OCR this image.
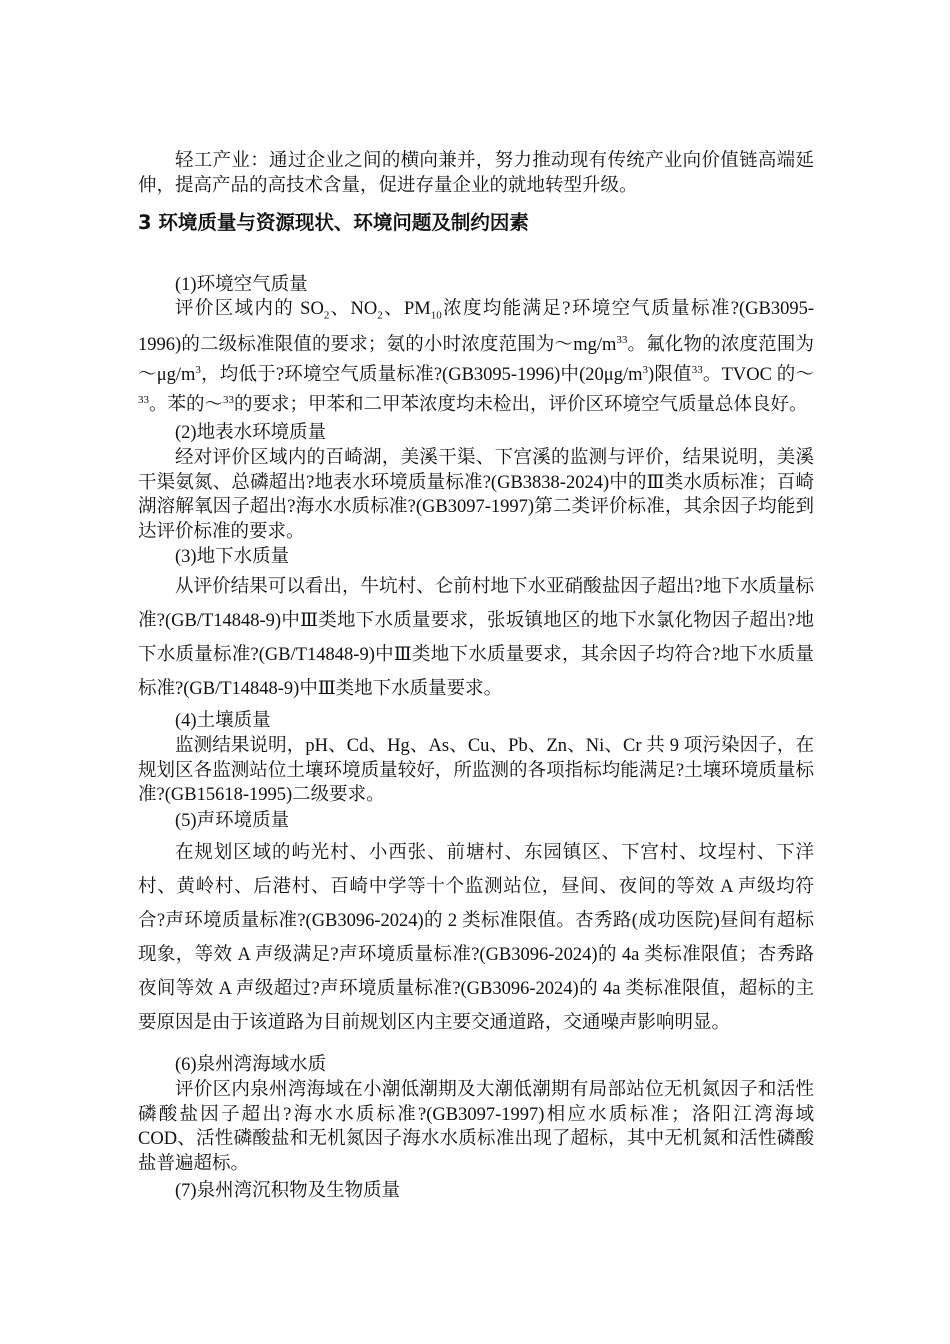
轻工产业：通过企业之间的横向兼并，努力推动现有传统产业向价值链高端延伸，提高产品的高技术含量，促进存量企业的就地转型升级。

3 环境质量与资源现状、环境问题及制约因素
(1)环境空气质量

评价区域内的 $SO_2$、$NO_2$、$PM_{10}$浓度均能满足?环境空气质量标准?(GB3095-1996)的二级标准限值的要求；氨的小时浓度范围为$\sim mg/m^{33}$。氟化物的浓度范围为$\sim\mu g/m^3$，均低于?环境空气质量标准?(GB3095-1996)中$(20\mu g/m^3)$限值$^{33}$。TVOC 的～$^{33}$。苯的～$^{33}$的要求；甲苯和二甲苯浓度均未检出，评价区环境空气质量总体良好。

(2)地表水环境质量

经对评价区域内的百崎湖，美溪干渠、下宫溪的监测与评价，结果说明，美溪干渠氨氮、总磷超出?地表水环境质量标准?(GB3838-2024)中的Ⅲ类水质标准；百崎湖溶解氧因子超出?海水水质标准?(GB3097-1997)第二类评价标准，其余因子均能到达评价标准的要求。

(3)地下水质量

从评价结果可以看出，牛坑村、仑前村地下水亚硝酸盐因子超出?地下水质量标准?(GB/T14848-9)中Ⅲ类地下水质量要求，张坂镇地区的地下水氯化物因子超出?地下水质量标准?(GB/T14848-9)中Ⅲ类地下水质量要求，其余因子均符合?地下水质量标准?(GB/T14848-9)中Ⅲ类地下水质量要求。

(4)土壤质量

监测结果说明，pH、Cd、Hg、As、Cu、Pb、Zn、Ni、Cr 共 9 项污染因子，在规划区各监测站位土壤环境质量较好，所监测的各项指标均能满足?土壤环境质量标准?(GB15618-1995)二级要求。

(5)声环境质量

在规划区域的屿光村、小西张、前塘村、东园镇区、下宫村、坟埕村、下洋村、黄岭村、后港村、百崎中学等十个监测站位，昼间、夜间的等效 A 声级均符合?声环境质量标准?(GB3096-2024)的 2 类标准限值。杏秀路(成功医院)昼间有超标现象，等效 A 声级满足?声环境质量标准?(GB3096-2024)的 4a 类标准限值；杏秀路夜间等效 A 声级超过?声环境质量标准?(GB3096-2024)的 4a 类标准限值，超标的主要原因是由于该道路为目前规划区内主要交通道路，交通噪声影响明显。

(6)泉州湾海域水质

评价区内泉州湾海域在小潮低潮期及大潮低潮期有局部站位无机氮因子和活性磷酸盐因子超出?海水水质标准?(GB3097-1997)相应水质标准；洛阳江湾海域 COD、活性磷酸盐和无机氮因子海水水质标准出现了超标，其中无机氮和活性磷酸盐普遍超标。

(7)泉州湾沉积物及生物质量
